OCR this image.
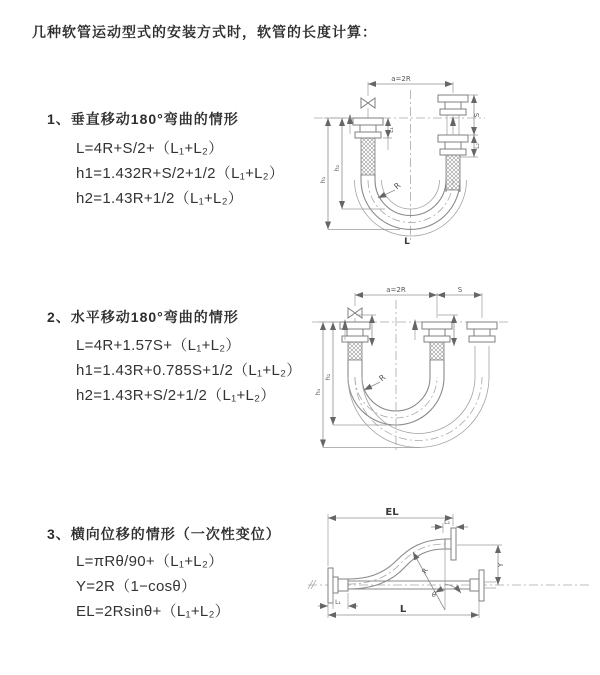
几种软管运动型式的安装方式时，软管的长度计算：
1、垂直移动180°弯曲的情形
L=4R+S/2+（L₁+L₂）
h1=1.432R+S/2+1/2（L₁+L₂）
h2=1.43R+1/2（L₁+L₂）
a=2R
L₁
S
L₂
h₁
h₂
R
L
2、水平移动180°弯曲的情形
L=4R+1.57S+（L₁+L₂）
h1=1.43R+0.785S+1/2（L₁+L₂）
h2=1.43R+S/2+1/2（L₁+L₂）
a=2R	S
h₁
h₂	R
3、横向位移的情形（一次性变位）
L=πRθ/90+（L₁+L₂）
Y=2R（1−cosθ）
EL=2Rsinθ+（L₁+L₂）
EL
L₂
Y
R
θ
L₁
L
